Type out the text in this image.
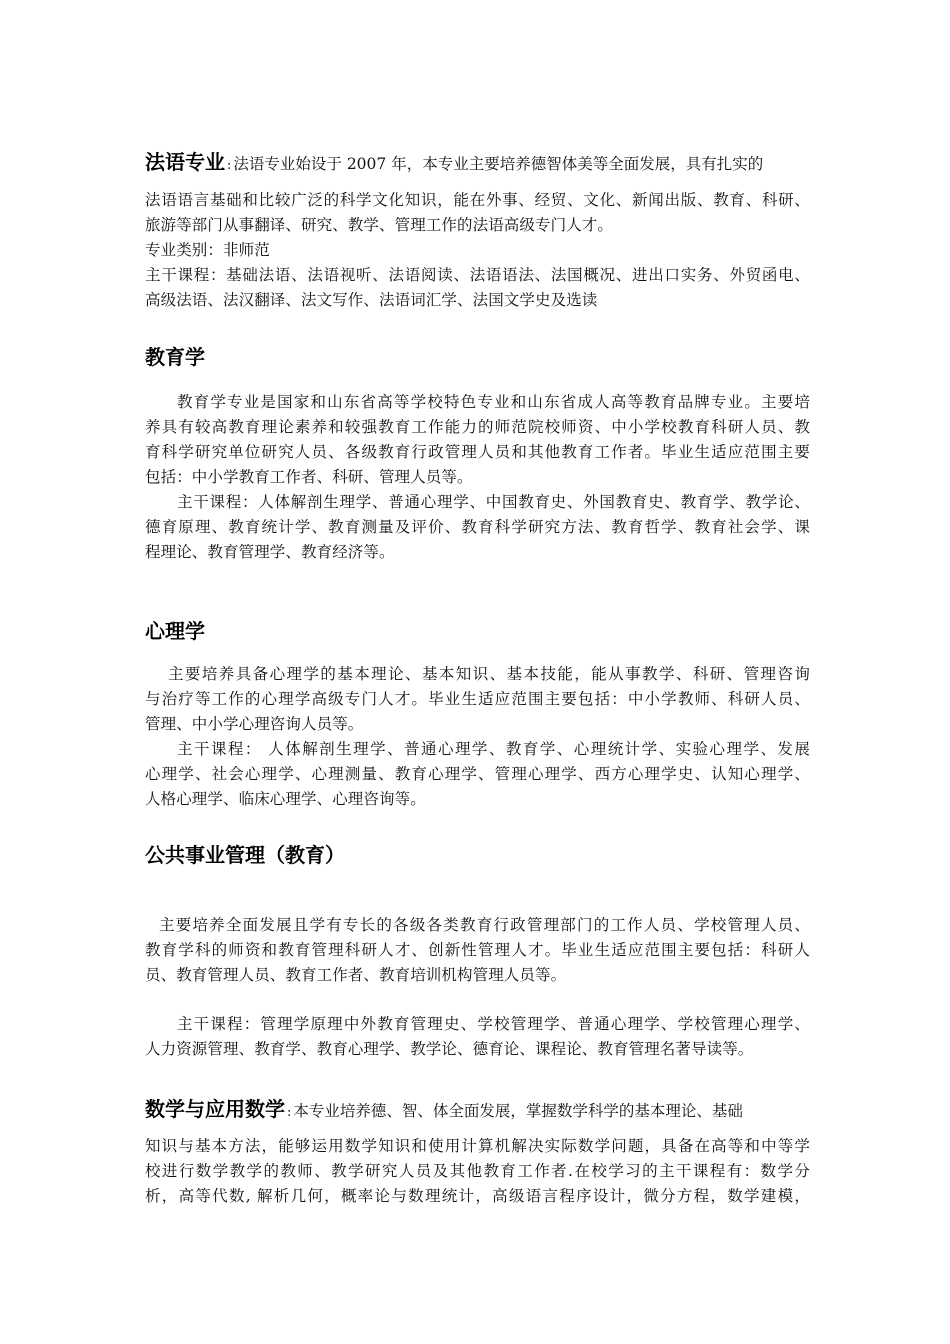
法语专业 : 法语专业始设于 2007 年，本专业主要培养德智体美等全面发展，具有扎实的
法语语言基础和比较广泛的科学文化知识，能在外事、经贸、文化、新闻出版、教育、科研、
旅游等部门从事翻译、研究、教学、管理工作的法语高级专门人才。
专业类别：非师范
主干课程：基础法语、法语视听、法语阅读、法语语法、法国概况、进出口实务、外贸函电、
高级法语、法汉翻译、法文写作、法语词汇学、法国文学史及选读
教育学
教育学专业是国家和山东省高等学校特色专业和山东省成人高等教育品牌专业。主要培
养具有较高教育理论素养和较强教育工作能力的师范院校师资、中小学校教育科研人员、教
育科学研究单位研究人员、各级教育行政管理人员和其他教育工作者。毕业生适应范围主要
包括：中小学教育工作者、科研、管理人员等。
主干课程：人体解剖生理学、普通心理学、中国教育史、外国教育史、教育学、教学论、
德育原理、教育统计学、教育测量及评价、教育科学研究方法、教育哲学、教育社会学、课
程理论、教育管理学、教育经济等。
心理学
主要培养具备心理学的基本理论、基本知识、基本技能，能从事教学、科研、管理咨询
与治疗等工作的心理学高级专门人才。毕业生适应范围主要包括：中小学教师、科研人员、
管理、中小学心理咨询人员等。
主干课程： 人体解剖生理学、普通心理学、教育学、心理统计学、实验心理学、发展
心理学、社会心理学、心理测量、教育心理学、管理心理学、西方心理学史、认知心理学、
人格心理学、临床心理学、心理咨询等。
公共事业管理（教育）
主要培养全面发展且学有专长的各级各类教育行政管理部门的工作人员、学校管理人员、
教育学科的师资和教育管理科研人才、创新性管理人才。毕业生适应范围主要包括：科研人
员、教育管理人员、教育工作者、教育培训机构管理人员等。
主干课程：管理学原理中外教育管理史、学校管理学、普通心理学、学校管理心理学、
人力资源管理、教育学、教育心理学、教学论、德育论、课程论、教育管理名著导读等。
数学与应用数学 : 本专业培养德、智、体全面发展，掌握数学科学的基本理论、基础
知识与基本方法，能够运用数学知识和使用计算机解决实际数学问题，具备在高等和中等学
校进行数学教学的教师、教学研究人员及其他教育工作者.在校学习的主干课程有：数学分
析，高等代数, 解析几何，概率论与数理统计，高级语言程序设计，微分方程，数学建模，
